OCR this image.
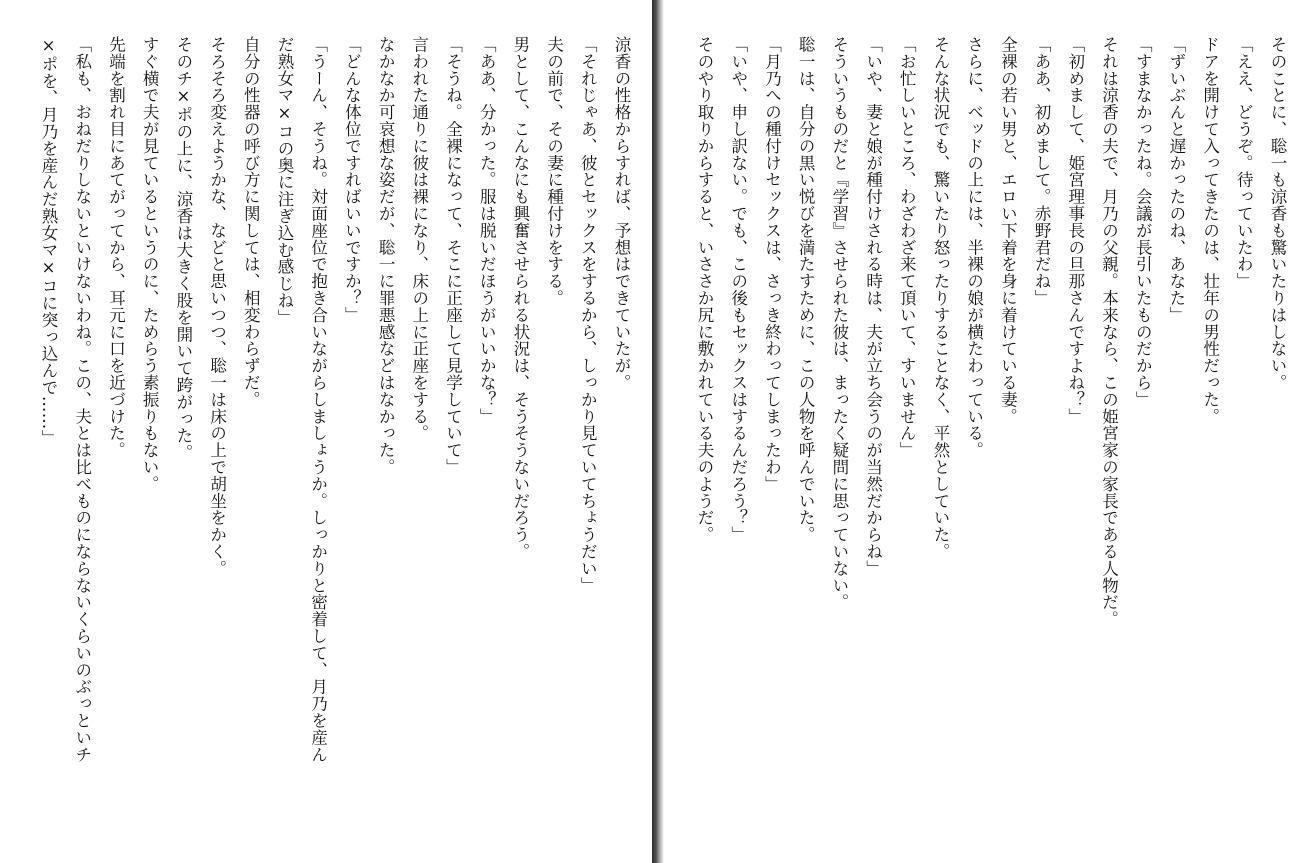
涼香の性格からすれば、予想はできていたが。
「それじゃあ、彼とセックスをするから、しっかり見ていてちょうだい」
夫の前で、その妻に種付けをする。
男として、こんなにも興奮させられる状況は、そうそうないだろう。
「ああ、分かった。服は脱いだほうがいいかな？」
「そうね。全裸になって、そこに正座して見学していて」
言われた通りに彼は裸になり、床の上に正座をする。
なかなか可哀想な姿だが、聡一に罪悪感などはなかった。
「どんな体位ですればいいですか？」
「うーん、そうね。対面座位で抱き合いながらしましょうか。しっかりと密着して、月乃を産ん
だ熟女マ×コの奥に注ぎ込む感じね」
自分の性器の呼び方に関しては、相変わらずだ。
そろそろ変えようかな、などと思いつつ、聡一は床の上で胡坐をかく。
そのチ×ポの上に、涼香は大きく股を開いて跨がった。
すぐ横で夫が見ているというのに、ためらう素振りもない。
先端を割れ目にあてがってから、耳元に口を近づけた。
「私も、おねだりしないといけないわね。この、夫とは比べものにならないくらいのぶっといチ
×ポを、月乃を産んだ熟女マ×コに突っ込んで……」	そのことに、聡一も涼香も驚いたりはしない。
「ええ、どうぞ。待っていたわ」
ドアを開けて入ってきたのは、壮年の男性だった。
「ずいぶんと遅かったのね、あなた」
「すまなかったね。会議が長引いたものだから」
それは涼香の夫で、月乃の父親。本来なら、この姫宮家の家長である人物だ。
「初めまして、姫宮理事長の旦那さんですよね？」
「ああ、初めまして。赤野君だね」
全裸の若い男と、エロい下着を身に着けている妻。
さらに、ベッドの上には、半裸の娘が横たわっている。
そんな状況でも、驚いたり怒ったりすることなく、平然としていた。
「お忙しいところ、わざわざ来て頂いて、すいません」
「いや、妻と娘が種付けされる時は、夫が立ち会うのが当然だからね」
そういうものだと『学習』させられた彼は、まったく疑問に思っていない。
聡一は、自分の黒い悦びを満たすために、この人物を呼んでいた。
「月乃への種付けセックスは、さっき終わってしまったわ」
「いや、申し訳ない。でも、この後もセックスはするんだろう？」
そのやり取りからすると、いささか尻に敷かれている夫のようだ。
